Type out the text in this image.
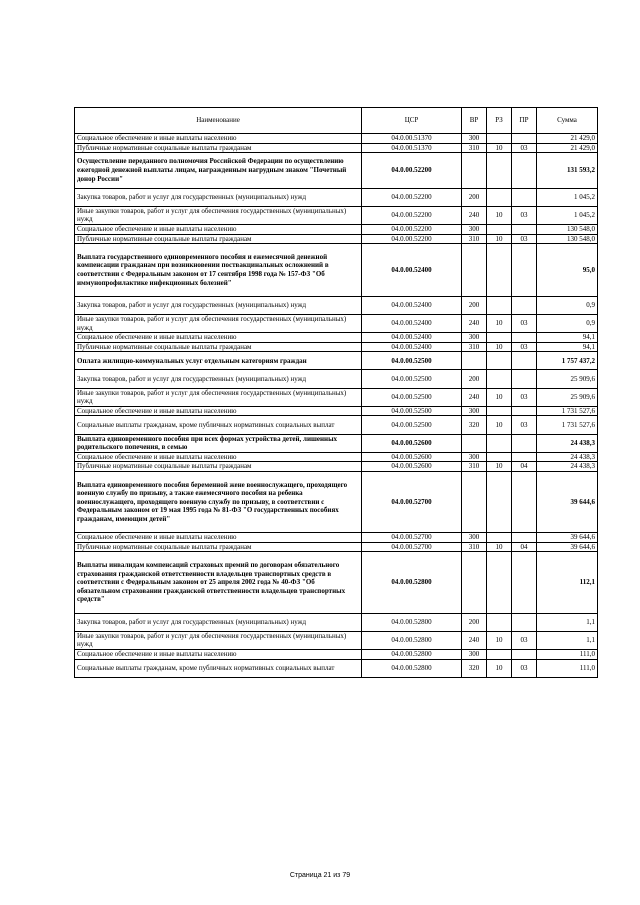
Наименование	ЦСР	ВР	РЗ	ПР	Сумма
Социальное обеспечение и иные выплаты населению	04.0.00.51370	300			21 429,0
Публичные нормативные социальные выплаты гражданам	04.0.00.51370	310	10	03	21 429,0
Осуществление переданного полномочия Российской Федерации по осуществлению ежегодной денежной выплаты лицам, награжденным нагрудным знаком "Почетный донор России"	04.0.00.52200				131 593,2
Закупка товаров, работ и услуг для государственных (муниципальных) нужд	04.0.00.52200	200			1 045,2
Иные закупки товаров, работ и услуг для обеспечения государственных (муниципальных) нужд	04.0.00.52200	240	10	03	1 045,2
Социальное обеспечение и иные выплаты населению	04.0.00.52200	300			130 548,0
Публичные нормативные социальные выплаты гражданам	04.0.00.52200	310	10	03	130 548,0
Выплата государственного единовременного пособия и ежемесячной денежной компенсации гражданам при возникновении поствакцинальных осложнений в соответствии с Федеральным законом от 17 сентября 1998 года № 157-ФЗ "Об иммунопрофилактике инфекционных болезней"	04.0.00.52400				95,0
Закупка товаров, работ и услуг для государственных (муниципальных) нужд	04.0.00.52400	200			0,9
Иные закупки товаров, работ и услуг для обеспечения государственных (муниципальных) нужд	04.0.00.52400	240	10	03	0,9
Социальное обеспечение и иные выплаты населению	04.0.00.52400	300			94,1
Публичные нормативные социальные выплаты гражданам	04.0.00.52400	310	10	03	94,1
Оплата жилищно-коммунальных услуг отдельным категориям граждан	04.0.00.52500				1 757 437,2
Закупка товаров, работ и услуг для государственных (муниципальных) нужд	04.0.00.52500	200			25 909,6
Иные закупки товаров, работ и услуг для обеспечения государственных (муниципальных) нужд	04.0.00.52500	240	10	03	25 909,6
Социальное обеспечение и иные выплаты населению	04.0.00.52500	300			1 731 527,6
Социальные выплаты гражданам, кроме публичных нормативных социальных выплат	04.0.00.52500	320	10	03	1 731 527,6
Выплата единовременного пособия при всех формах устройства детей, лишенных родительского попечения, в семью	04.0.00.52600				24 438,3
Социальное обеспечение и иные выплаты населению	04.0.00.52600	300			24 438,3
Публичные нормативные социальные выплаты гражданам	04.0.00.52600	310	10	04	24 438,3
Выплата единовременного пособия беременной жене военнослужащего, проходящего военную службу по призыву, а также ежемесячного пособия на ребенка военнослужащего, проходящего военную службу по призыву, в соответствии с Федеральным законом от 19 мая 1995 года № 81-ФЗ "О государственных пособиях гражданам, имеющим детей"	04.0.00.52700				39 644,6
Социальное обеспечение и иные выплаты населению	04.0.00.52700	300			39 644,6
Публичные нормативные социальные выплаты гражданам	04.0.00.52700	310	10	04	39 644,6
Выплаты инвалидам компенсаций страховых премий по договорам обязательного страхования гражданской ответственности владельцев транспортных средств в соответствии с Федеральным законом от 25 апреля 2002 года № 40-ФЗ "Об обязательном страховании гражданской ответственности владельцев транспортных средств"	04.0.00.52800				112,1
Закупка товаров, работ и услуг для государственных (муниципальных) нужд	04.0.00.52800	200			1,1
Иные закупки товаров, работ и услуг для обеспечения государственных (муниципальных) нужд	04.0.00.52800	240	10	03	1,1
Социальное обеспечение и иные выплаты населению	04.0.00.52800	300			111,0
Социальные выплаты гражданам, кроме публичных нормативных социальных выплат	04.0.00.52800	320	10	03	111,0
Страница 21 из 79
